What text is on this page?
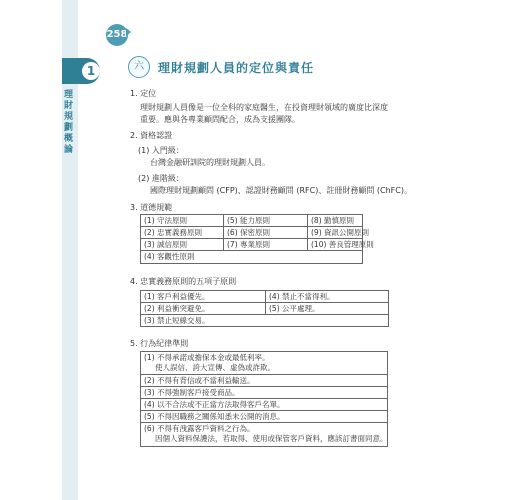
1
理財規劃概論
258
六	理財規劃人員的定位與責任
1. 定位
理財規劃人員像是一位全科的家庭醫生，在投資理財領域的廣度比深度
重要。應與各專業顧問配合，成為支援團隊。
2. 資格認證
(1) 入門級：
台灣金融研訓院的理財規劃人員。
(2) 進階級：
國際理財規劃顧問 (CFP)、認證財務顧問 (RFC)、註冊財務顧問 (ChFC)。
3. 道德規範
(1) 守法原則	(5) 能力原則	(8) 勤慎原則
(2) 忠實義務原則	(6) 保密原則	(9) 資訊公開原則
(3) 誠信原則	(7) 專業原則	(10) 善良管理原則
(4) 客觀性原則
4. 忠實義務原則的五項子原則
(1) 客戶利益優先。	(4) 禁止不當得利。
(2) 利益衝突避免。	(5) 公平處理。
(3) 禁止短線交易。
5. 行為紀律準則
(1) 不得承諾或擔保本金或最低利率。
使人誤信、誇大宣傳、虛偽或詐欺。
(2) 不得有背信或不當利益輸送。
(3) 不得強制客戶接受商品。
(4) 以不合法或不正當方法取得客戶名單。
(5) 不得因職務之關係知悉未公開的消息。
(6) 不得有洩露客戶資料之行為。
因個人資料保護法，若取得、使用或保管客戶資料，應該訂書面同意。
